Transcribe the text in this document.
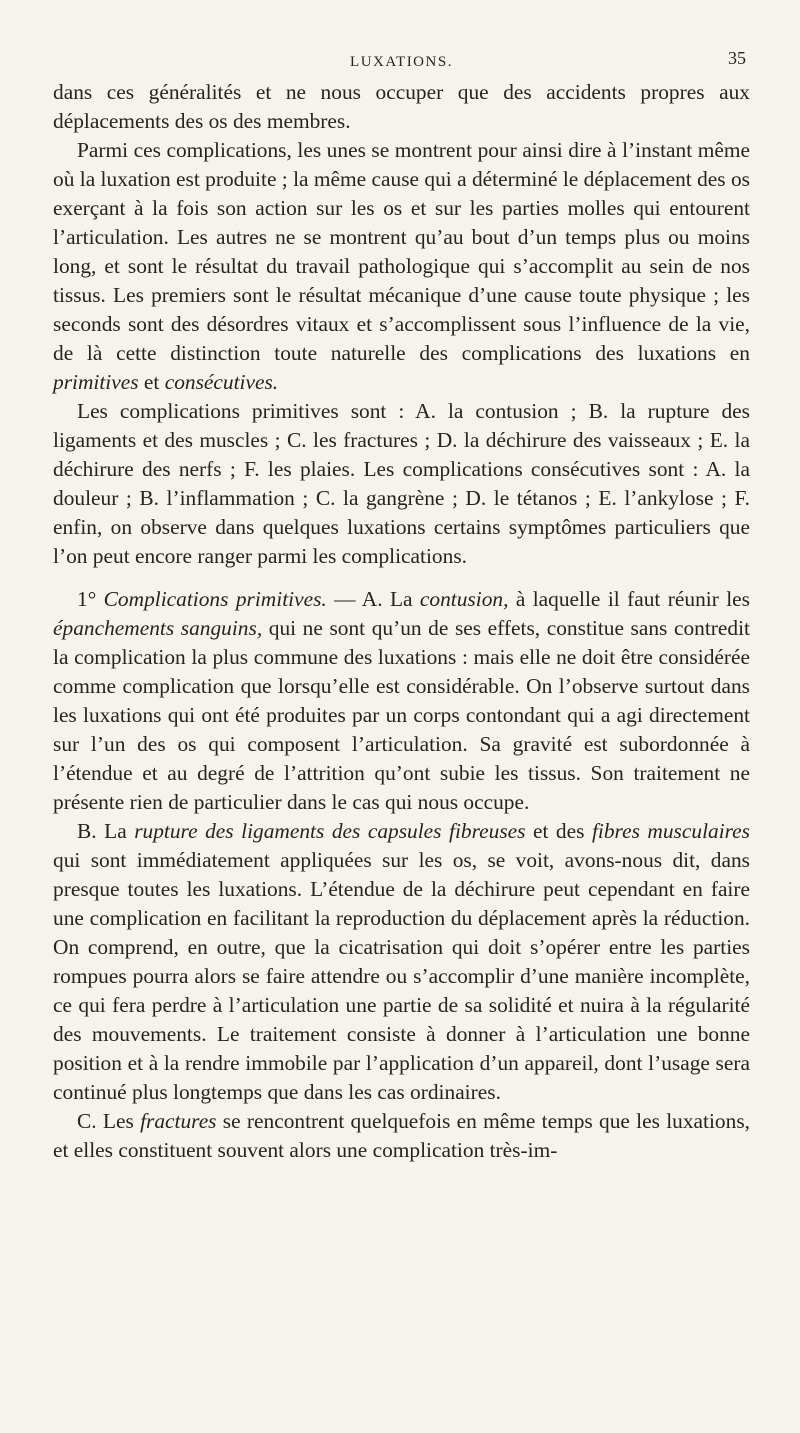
LUXATIONS.	35

dans ces généralités et ne nous occuper que des accidents propres aux déplacements des os des membres.

Parmi ces complications, les unes se montrent pour ainsi dire à l’instant même où la luxation est produite ; la même cause qui a déterminé le déplacement des os exerçant à la fois son action sur les os et sur les parties molles qui entourent l’articulation. Les autres ne se montrent qu’au bout d’un temps plus ou moins long, et sont le résultat du travail pathologique qui s’accomplit au sein de nos tissus. Les premiers sont le résultat mécanique d’une cause toute physique ; les seconds sont des désordres vitaux et s’accomplissent sous l’influence de la vie, de là cette distinction toute naturelle des complications des luxations en primitives et consécutives.

Les complications primitives sont : A. la contusion ; B. la rupture des ligaments et des muscles ; C. les fractures ; D. la déchirure des vaisseaux ; E. la déchirure des nerfs ; F. les plaies. Les complications consécutives sont : A. la douleur ; B. l’inflammation ; C. la gangrène ; D. le tétanos ; E. l’ankylose ; F. enfin, on observe dans quelques luxations certains symptômes particuliers que l’on peut encore ranger parmi les complications.

1° Complications primitives. — A. La contusion, à laquelle il faut réunir les épanchements sanguins, qui ne sont qu’un de ses effets, constitue sans contredit la complication la plus commune des luxations : mais elle ne doit être considérée comme complication que lorsqu’elle est considérable. On l’observe surtout dans les luxations qui ont été produites par un corps contondant qui a agi directement sur l’un des os qui composent l’articulation. Sa gravité est subordonnée à l’étendue et au degré de l’attrition qu’ont subie les tissus. Son traitement ne présente rien de particulier dans le cas qui nous occupe.

B. La rupture des ligaments des capsules fibreuses et des fibres musculaires qui sont immédiatement appliquées sur les os, se voit, avons-nous dit, dans presque toutes les luxations. L’étendue de la déchirure peut cependant en faire une complication en facilitant la reproduction du déplacement après la réduction. On comprend, en outre, que la cicatrisation qui doit s’opérer entre les parties rompues pourra alors se faire attendre ou s’accomplir d’une manière incomplète, ce qui fera perdre à l’articulation une partie de sa solidité et nuira à la régularité des mouvements. Le traitement consiste à donner à l’articulation une bonne position et à la rendre immobile par l’application d’un appareil, dont l’usage sera continué plus longtemps que dans les cas ordinaires.

C. Les fractures se rencontrent quelquefois en même temps que les luxations, et elles constituent souvent alors une complication très-im-
